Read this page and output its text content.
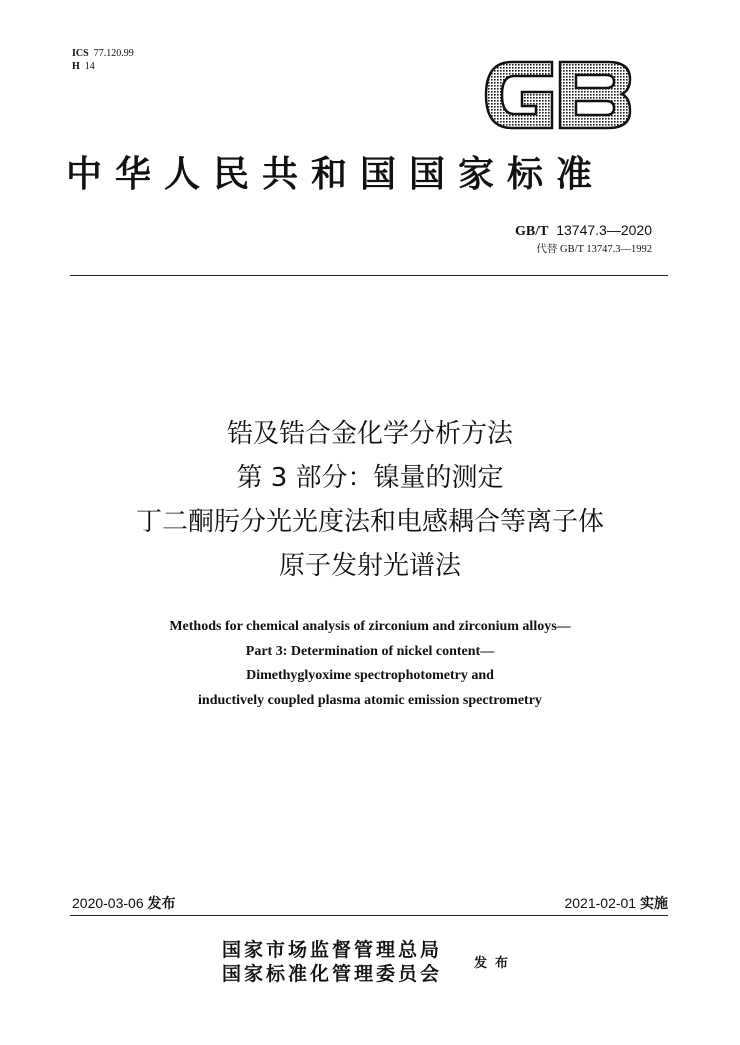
ICS 77.120.99
H 14
GB
中华人民共和国国家标准
GB/T 13747.3—2020
代替 GB/T 13747.3—1992
锆及锆合金化学分析方法
第 3 部分：镍量的测定
丁二酮肟分光光度法和电感耦合等离子体
原子发射光谱法
Methods for chemical analysis of zirconium and zirconium alloys—
Part 3: Determination of nickel content—
Dimethyglyoxime spectrophotometry and
inductively coupled plasma atomic emission spectrometry
2020-03-06 发布	2021-02-01 实施
国家市场监督管理总局
国家标准化管理委员会 发布
